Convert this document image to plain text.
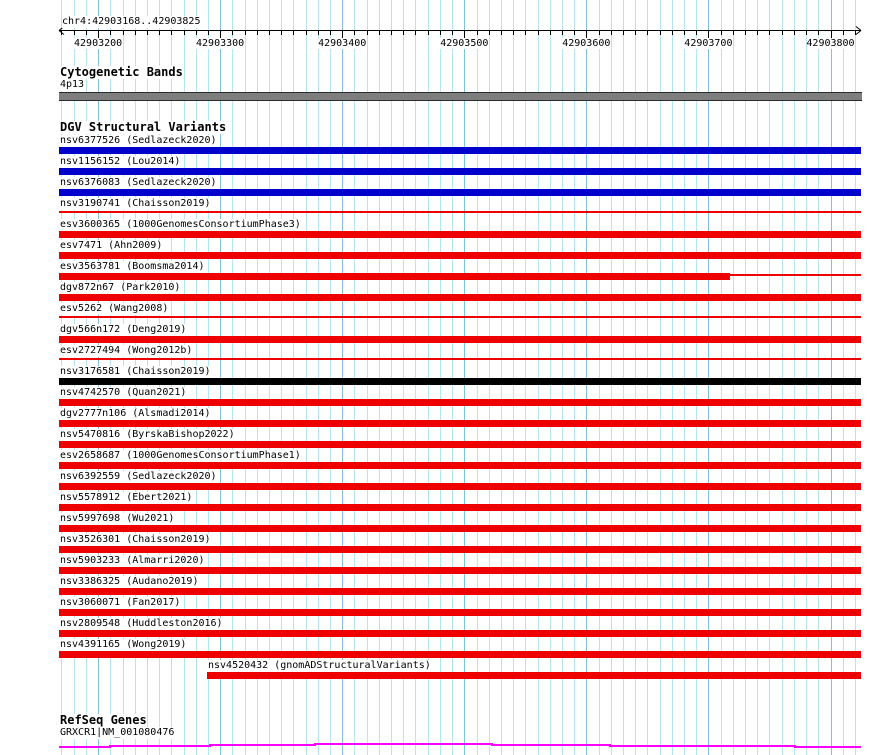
chr4:42903168..42903825
42903200	42903300	42903400	42903500	42903600	42903700	42903800
Cytogenetic Bands
4p13
DGV Structural Variants
nsv6377526 (Sedlazeck2020)
nsv1156152 (Lou2014)
nsv6376083 (Sedlazeck2020)
nsv3190741 (Chaisson2019)
esv3600365 (1000GenomesConsortiumPhase3)
esv7471 (Ahn2009)
esv3563781 (Boomsma2014)
dgv872n67 (Park2010)
esv5262 (Wang2008)
dgv566n172 (Deng2019)
esv2727494 (Wong2012b)
nsv3176581 (Chaisson2019)
nsv4742570 (Quan2021)
dgv2777n106 (Alsmadi2014)
nsv5470816 (ByrskaBishop2022)
esv2658687 (1000GenomesConsortiumPhase1)
nsv6392559 (Sedlazeck2020)
nsv5578912 (Ebert2021)
nsv5997698 (Wu2021)
nsv3526301 (Chaisson2019)
nsv5903233 (Almarri2020)
nsv3386325 (Audano2019)
nsv3060071 (Fan2017)
nsv2809548 (Huddleston2016)
nsv4391165 (Wong2019)
nsv4520432 (gnomADStructuralVariants)
RefSeq Genes
GRXCR1|NM_001080476
